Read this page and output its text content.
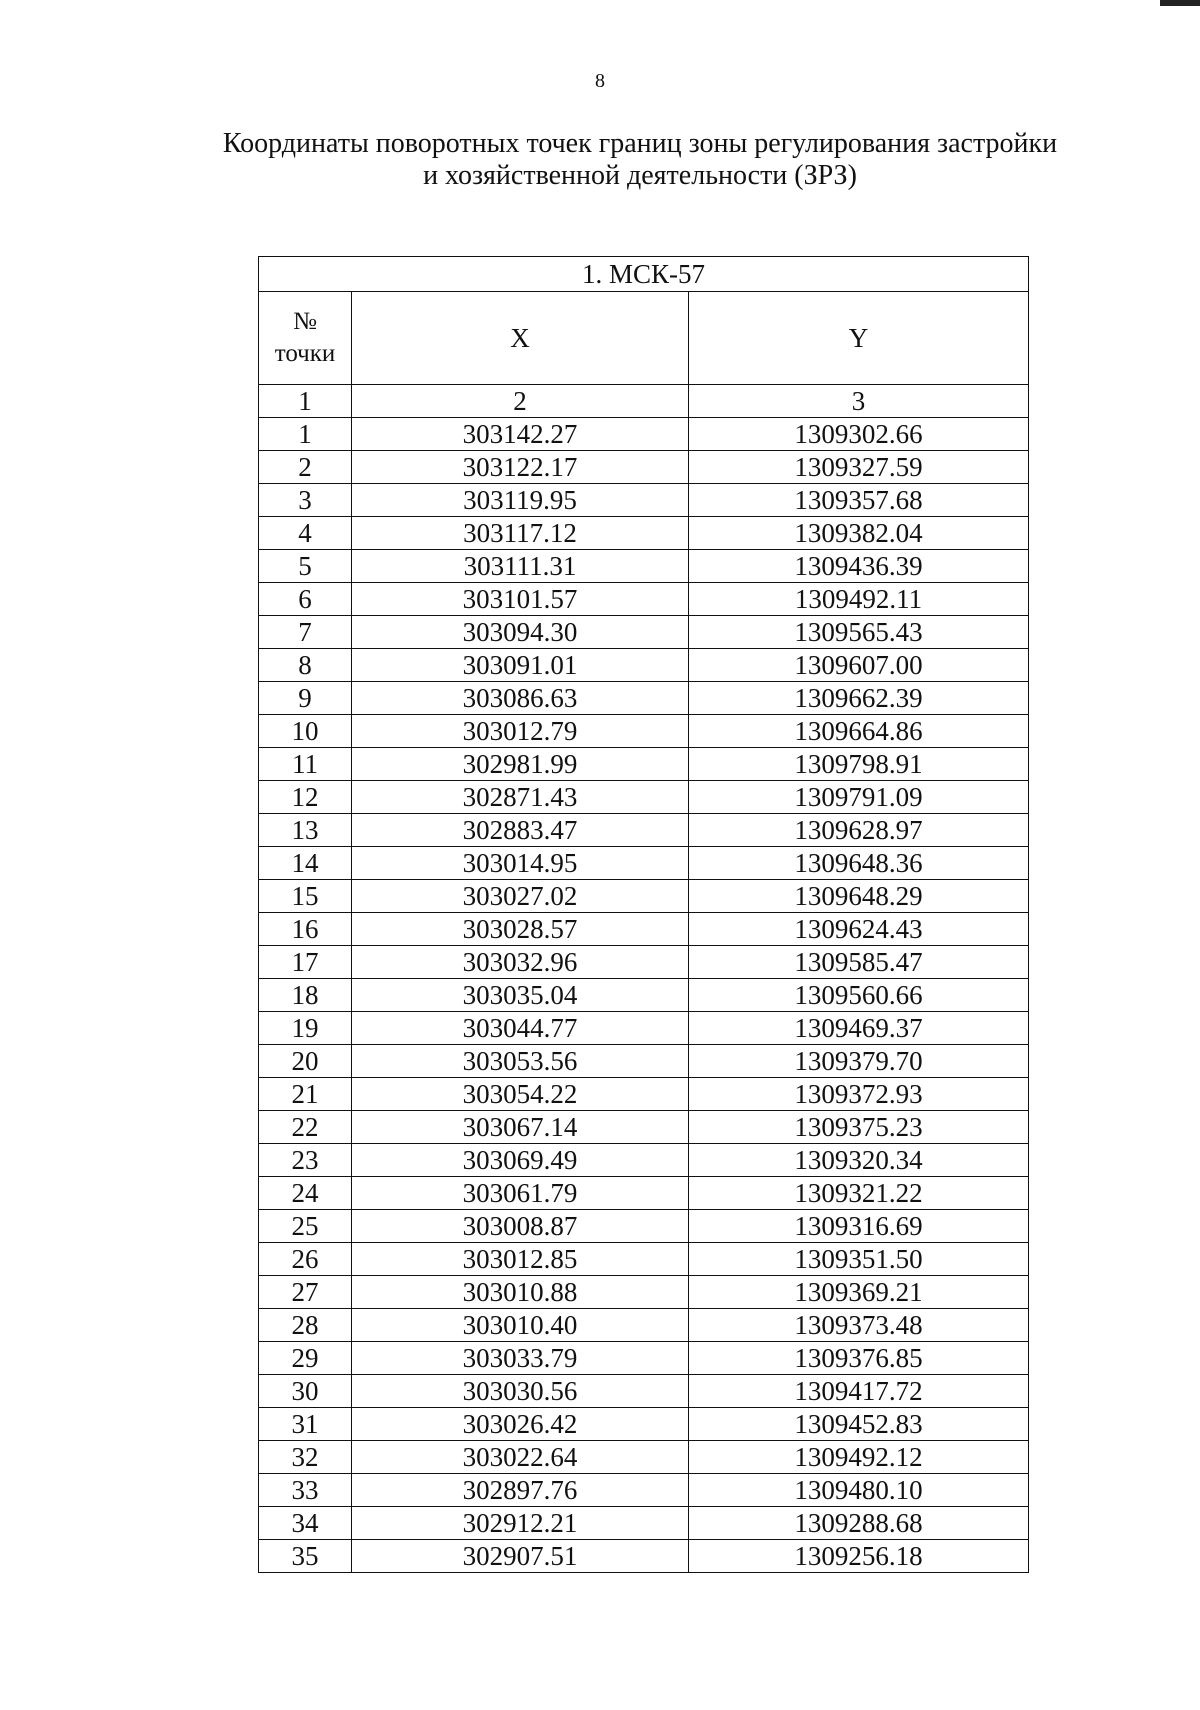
8
Координаты поворотных точек границ зоны регулирования застройки
и хозяйственной деятельности (ЗРЗ)
1. МСК-57		
№
точки	X	Y
1	2	3
1	303142.27	1309302.66
2	303122.17	1309327.59
3	303119.95	1309357.68
4	303117.12	1309382.04
5	303111.31	1309436.39
6	303101.57	1309492.11
7	303094.30	1309565.43
8	303091.01	1309607.00
9	303086.63	1309662.39
10	303012.79	1309664.86
11	302981.99	1309798.91
12	302871.43	1309791.09
13	302883.47	1309628.97
14	303014.95	1309648.36
15	303027.02	1309648.29
16	303028.57	1309624.43
17	303032.96	1309585.47
18	303035.04	1309560.66
19	303044.77	1309469.37
20	303053.56	1309379.70
21	303054.22	1309372.93
22	303067.14	1309375.23
23	303069.49	1309320.34
24	303061.79	1309321.22
25	303008.87	1309316.69
26	303012.85	1309351.50
27	303010.88	1309369.21
28	303010.40	1309373.48
29	303033.79	1309376.85
30	303030.56	1309417.72
31	303026.42	1309452.83
32	303022.64	1309492.12
33	302897.76	1309480.10
34	302912.21	1309288.68
35	302907.51	1309256.18
